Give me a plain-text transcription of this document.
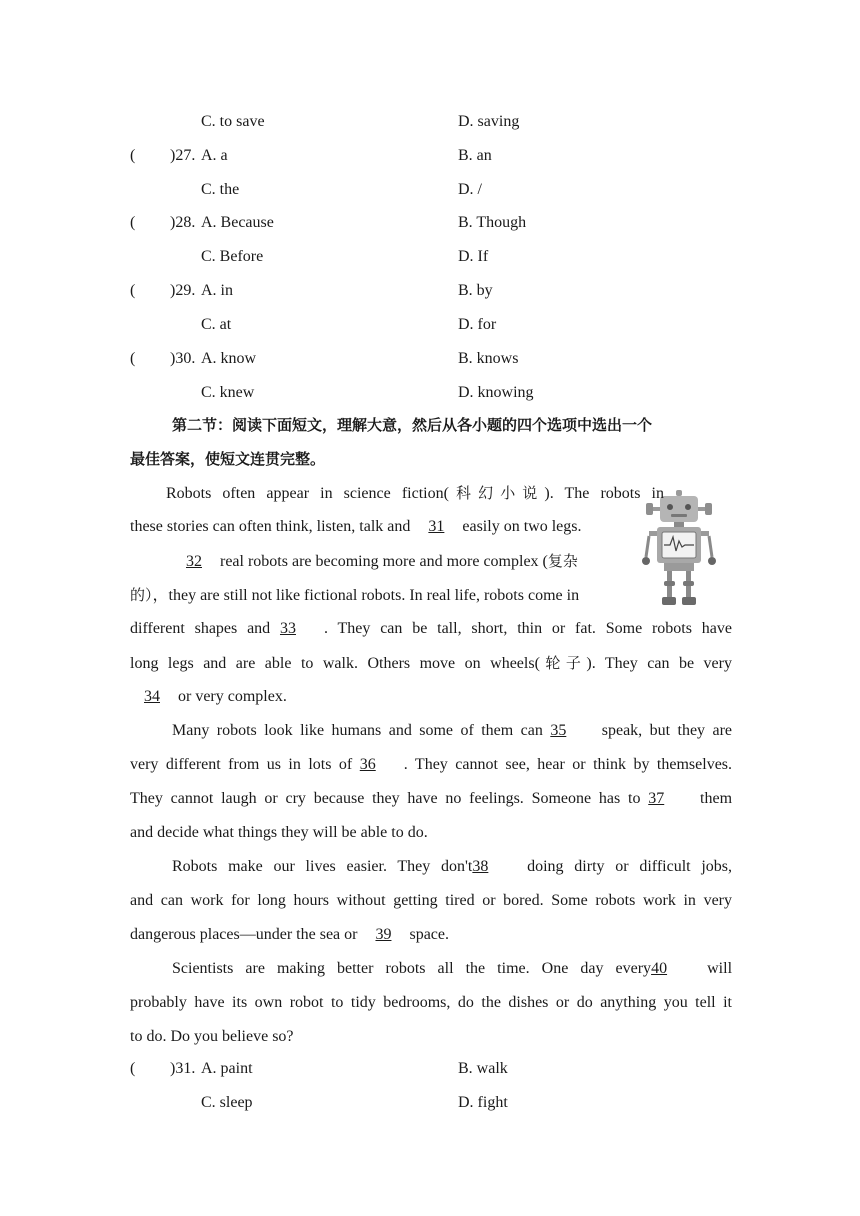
C. to save	D. saving
( )27. A. a	B. an
C. the	D. /
( )28. A. Because	B. Though
C. Before	D. If
( )29. A. in	B. by
C. at	D. for
( )30. A. know	B. knows
C. knew	D. knowing
第二节：阅读下面短文，理解大意，然后从各小题的四个选项中选出一个
最佳答案，使短文连贯完整。
Robots often appear in science fiction(科幻小说). The robots in
these stories can often think, listen, talk and 31 easily on two legs.
32 real robots are becoming more and more complex (复杂
的），they are still not like fictional robots. In real life, robots come in
different shapes and 33 . They can be tall, short, thin or fat. Some robots have
long legs and are able to walk. Others move on wheels(轮子). They can be very
34 or very complex.
Many robots look like humans and some of them can 35 speak, but they are
very different from us in lots of 36 . They cannot see, hear or think by themselves.
They cannot laugh or cry because they have no feelings. Someone has to 37 them
and decide what things they will be able to do.
Robots make our lives easier. They don't38 doing dirty or difficult jobs,
and can work for long hours without getting tired or bored. Some robots work in very
dangerous places—under the sea or 39 space.
Scientists are making better robots all the time. One day every40	will
probably have its own robot to tidy bedrooms, do the dishes or do anything you tell it
to do. Do you believe so?
( )31. A. paint	B. walk
C. sleep	D. fight
